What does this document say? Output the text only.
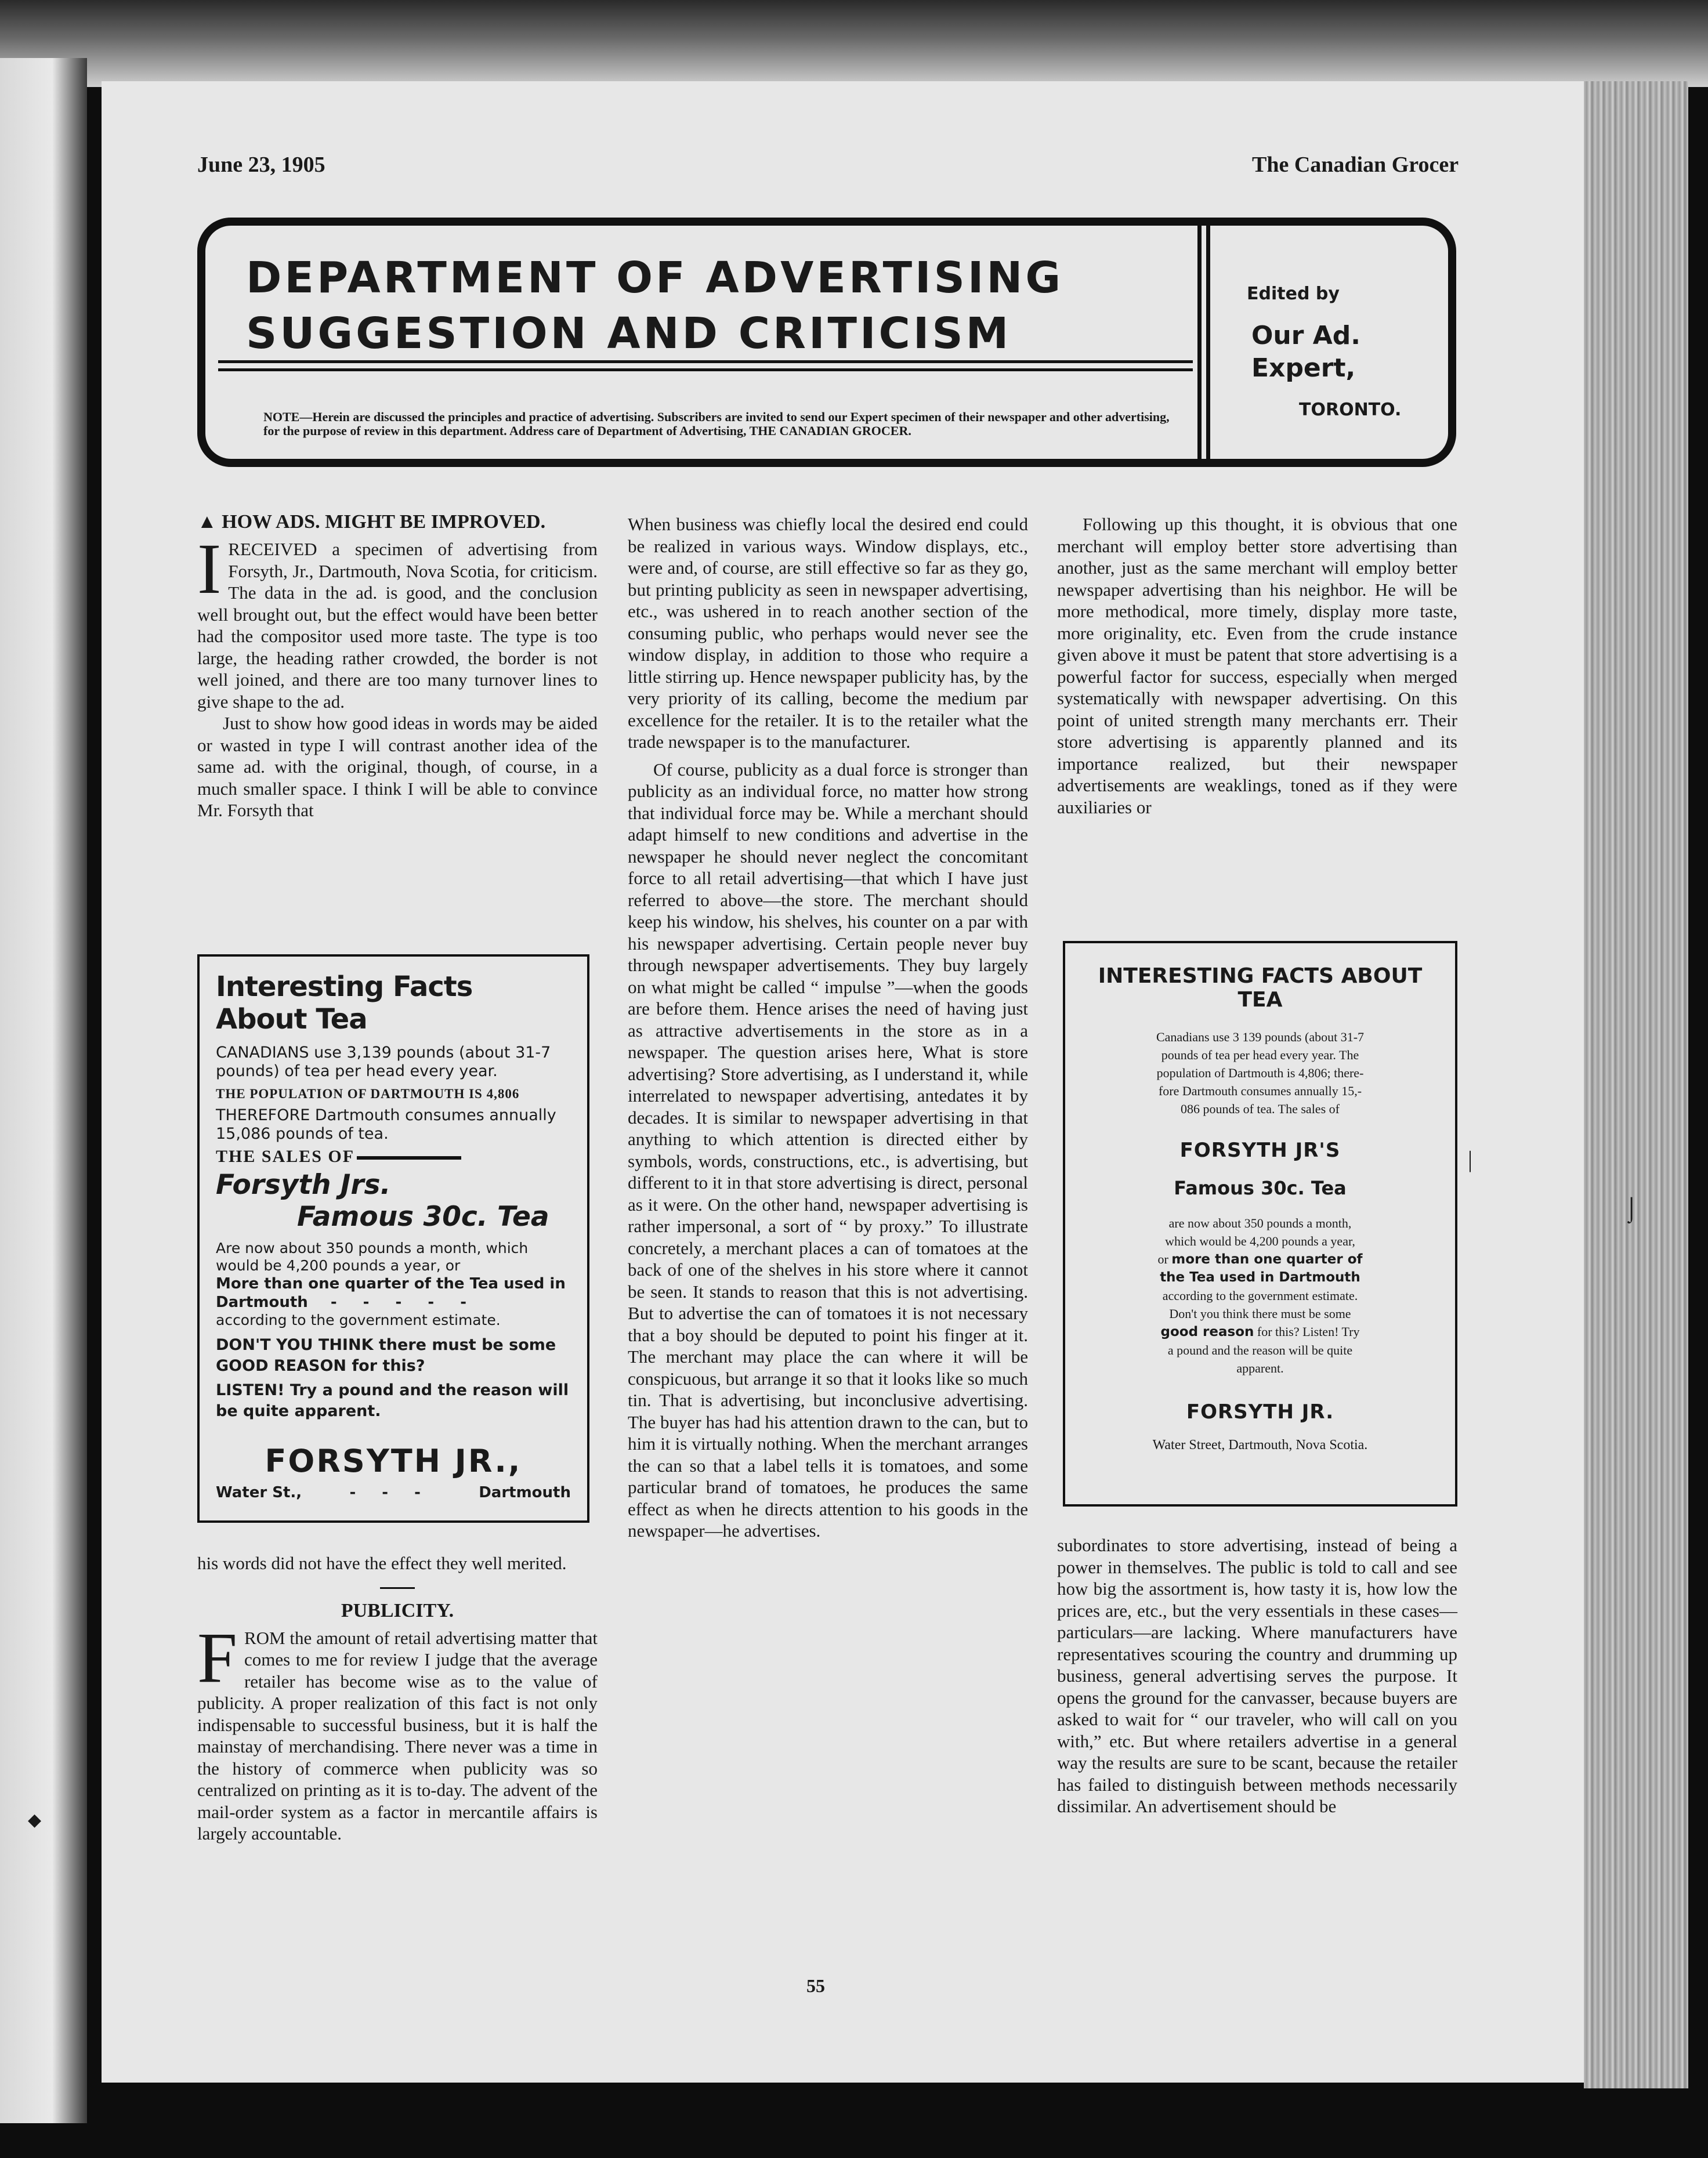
June 23, 1905	The Canadian Grocer
DEPARTMENT OF ADVERTISING
SUGGESTION AND CRITICISM
NOTE—Herein are discussed the principles and practice of advertising. Subscribers are invited to send our Expert specimen of their newspaper and other advertising, for the purpose of review in this department. Address care of Department of Advertising, THE CANADIAN GROCER.
Edited by
Our Ad.
Expert,
TORONTO.
▲ HOW ADS. MIGHT BE IMPROVED.

IRECEIVED a specimen of advertising from Forsyth, Jr., Dartmouth, Nova Scotia, for criticism. The data in the ad. is good, and the conclusion well brought out, but the effect would have been better had the compositor used more taste. The type is too large, the heading rather crowded, the border is not well joined, and there are too many turnover lines to give shape to the ad.

Just to show how good ideas in words may be aided or wasted in type I will contrast another idea of the same ad. with the original, though, of course, in a much smaller space. I think I will be able to convince Mr. Forsyth that

Interesting Facts About Tea
CANADIANS use 3,139 pounds (about 31-7 pounds) of tea per head every year.
THE POPULATION OF DARTMOUTH IS 4,806
THEREFORE Dartmouth consumes annually 15,086 pounds of tea.
THE SALES OF
Forsyth Jrs.
Famous 30c. Tea
Are now about 350 pounds a month, which would be 4,200 pounds a year, or
More than one quarter of the Tea used in Dartmouth - - - - -
according to the government estimate.
DON'T YOU THINK there must be some GOOD REASON for this?
LISTEN! Try a pound and the reason will be quite apparent.
FORSYTH JR.,
Water St.,	- - -	Dartmouth

his words did not have the effect they well merited.

PUBLICITY.

FROM the amount of retail advertising matter that comes to me for review I judge that the average retailer has become wise as to the value of publicity. A proper realization of this fact is not only indispensable to successful business, but it is half the mainstay of merchandising. There never was a time in the history of commerce when publicity was so centralized on printing as it is to-day. The advent of the mail-order system as a factor in mercantile affairs is largely accountable.

When business was chiefly local the desired end could be realized in various ways. Window displays, etc., were and, of course, are still effective so far as they go, but printing publicity as seen in newspaper advertising, etc., was ushered in to reach another section of the consuming public, who perhaps would never see the window display, in addition to those who require a little stirring up. Hence newspaper publicity has, by the very priority of its calling, become the medium par excellence for the retailer. It is to the retailer what the trade newspaper is to the manufacturer.

Of course, publicity as a dual force is stronger than publicity as an individual force, no matter how strong that individual force may be. While a merchant should adapt himself to new conditions and advertise in the newspaper he should never neglect the concomitant force to all retail advertising—that which I have just referred to above—the store. The merchant should keep his window, his shelves, his counter on a par with his newspaper advertising. Certain people never buy through newspaper advertisements. They buy largely on what might be called “ impulse ”—when the goods are before them. Hence arises the need of having just as attractive advertisements in the store as in a newspaper. The question arises here, What is store advertising? Store advertising, as I understand it, while interrelated to newspaper advertising, antedates it by decades. It is similar to newspaper advertising in that anything to which attention is directed either by symbols, words, constructions, etc., is advertising, but different to it in that store advertising is direct, personal as it were. On the other hand, newspaper advertising is rather impersonal, a sort of “ by proxy.” To illustrate concretely, a merchant places a can of tomatoes at the back of one of the shelves in his store where it cannot be seen. It stands to reason that this is not advertising. But to advertise the can of tomatoes it is not necessary that a boy should be deputed to point his finger at it. The merchant may place the can where it will be conspicuous, but arrange it so that it looks like so much tin. That is advertising, but inconclusive advertising. The buyer has had his attention drawn to the can, but to him it is virtually nothing. When the merchant arranges the can so that a label tells it is tomatoes, and some particular brand of tomatoes, he produces the same effect as when he directs attention to his goods in the newspaper—he advertises.

Following up this thought, it is obvious that one merchant will employ better store advertising than another, just as the same merchant will employ better newspaper advertising than his neighbor. He will be more methodical, more timely, display more taste, more originality, etc. Even from the crude instance given above it must be patent that store advertising is a powerful factor for success, especially when merged systematically with newspaper advertising. On this point of united strength many merchants err. Their store advertising is apparently planned and its importance realized, but their newspaper advertisements are weaklings, toned as if they were auxiliaries or

INTERESTING FACTS ABOUT TEA
Canadians use 3 139 pounds (about 31-7
pounds of tea per head every year. The
population of Dartmouth is 4,806; there-
fore Dartmouth consumes annually 15,-
086 pounds of tea. The sales of
FORSYTH JR'S
Famous 30c. Tea
are now about 350 pounds a month,
which would be 4,200 pounds a year,
or more than one quarter of
the Tea used in Dartmouth
according to the government estimate.
Don't you think there must be some
good reason for this? Listen! Try
a pound and the reason will be quite
apparent.
FORSYTH JR.
Water Street, Dartmouth, Nova Scotia.

subordinates to store advertising, instead of being a power in themselves. The public is told to call and see how big the assortment is, how tasty it is, how low the prices are, etc., but the very essentials in these cases—particulars—are lacking. Where manufacturers have representatives scouring the country and drumming up business, general advertising serves the purpose. It opens the ground for the canvasser, because buyers are asked to wait for “ our traveler, who will call on you with,” etc. But where retailers advertise in a general way the results are sure to be scant, because the retailer has failed to distinguish between methods necessarily dissimilar. An advertisement should be

55
|
⌡
◆
